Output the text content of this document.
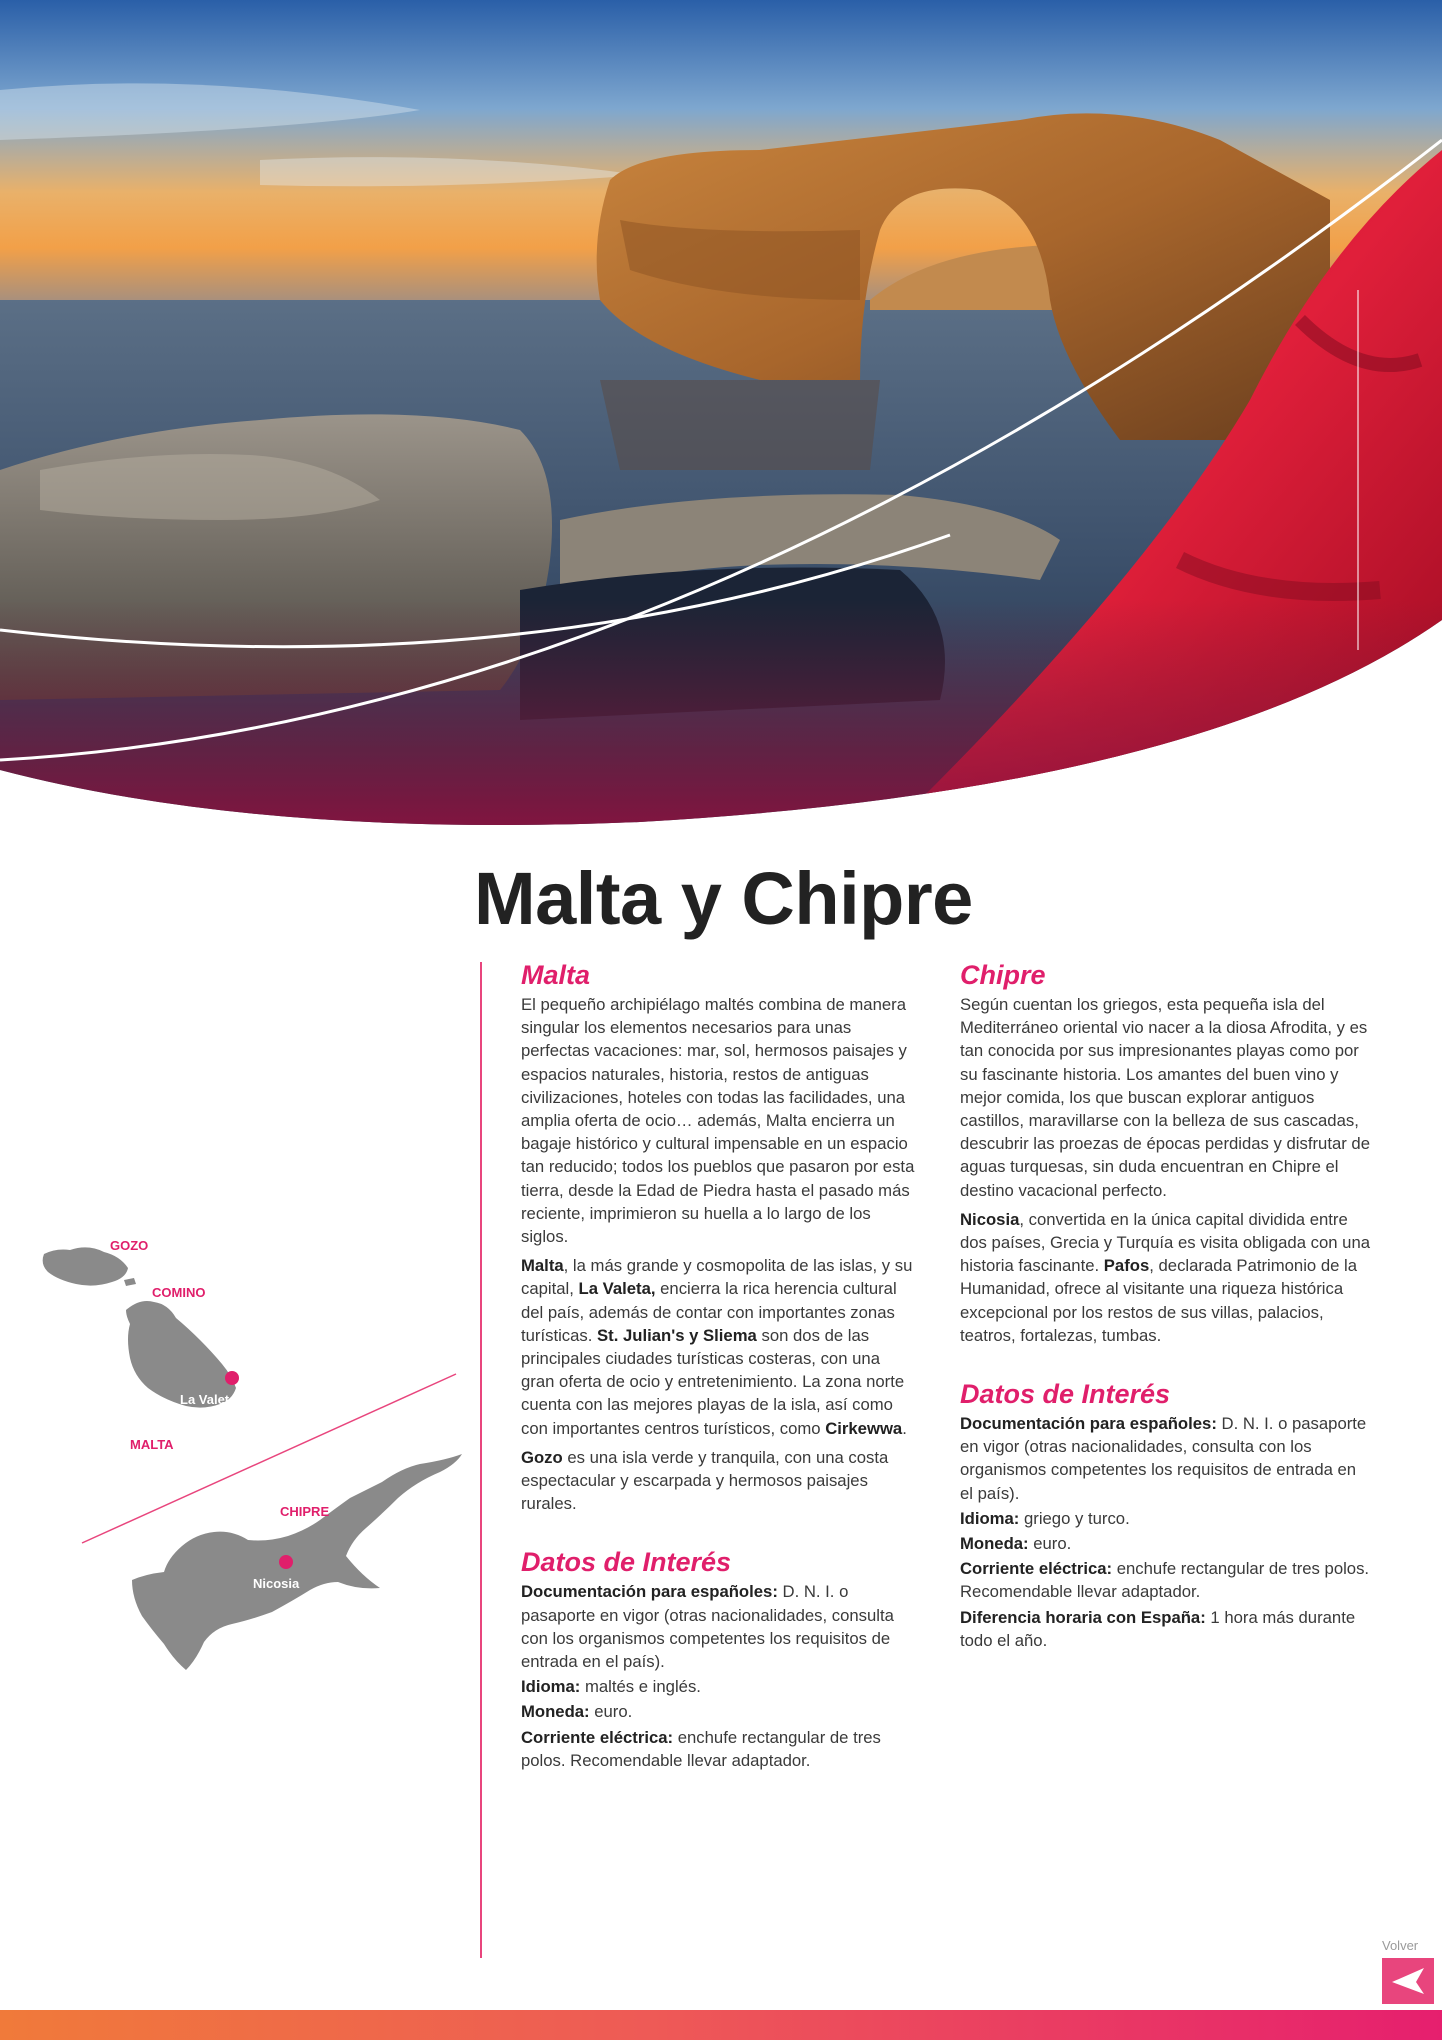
Malta y Chipre
Malta

El pequeño archipiélago maltés combina de manera singular los elementos necesarios para unas perfectas vacaciones: mar, sol, hermosos paisajes y espacios naturales, historia, restos de antiguas civilizaciones, hoteles con todas las facilidades, una amplia oferta de ocio… además, Malta encierra un bagaje histórico y cultural impensable en un espacio tan reducido; todos los pueblos que pasaron por esta tierra, desde la Edad de Piedra hasta el pasado más reciente, imprimieron su huella a lo largo de los siglos.

Malta, la más grande y cosmopolita de las islas, y su capital, La Valeta, encierra la rica herencia cultural del país, además de contar con importantes zonas turísticas. St. Julian's y Sliema son dos de las principales ciudades turísticas costeras, con una gran oferta de ocio y entretenimiento. La zona norte cuenta con las mejores playas de la isla, así como con importantes centros turísticos, como Cirkewwa.

Gozo es una isla verde y tranquila, con una costa espectacular y escarpada y hermosos paisajes rurales.

Datos de Interés

Documentación para españoles: D. N. I. o pasaporte en vigor (otras nacionalidades, consulta con los organismos competentes los requisitos de entrada en el país).

Idioma: maltés e inglés.

Moneda: euro.

Corriente eléctrica: enchufe rectangular de tres polos. Recomendable llevar adaptador.

Chipre

Según cuentan los griegos, esta pequeña isla del Mediterráneo oriental vio nacer a la diosa Afrodita, y es tan conocida por sus impresionantes playas como por su fascinante historia. Los amantes del buen vino y mejor comida, los que buscan explorar antiguos castillos, maravillarse con la belleza de sus cascadas, descubrir las proezas de épocas perdidas y disfrutar de aguas turquesas, sin duda encuentran en Chipre el destino vacacional perfecto.

Nicosia, convertida en la única capital dividida entre dos países, Grecia y Turquía es visita obligada con una historia fascinante. Pafos, declarada Patrimonio de la Humanidad, ofrece al visitante una riqueza histórica excepcional por los restos de sus villas, palacios, teatros, fortalezas, tumbas.

Datos de Interés

Documentación para españoles: D. N. I. o pasaporte en vigor (otras nacionalidades, consulta con los organismos competentes los requisitos de entrada en el país).

Idioma: griego y turco.

Moneda: euro.

Corriente eléctrica: enchufe rectangular de tres polos. Recomendable llevar adaptador.

Diferencia horaria con España: 1 hora más durante todo el año.

GOZO
COMINO
MALTA
CHIPRE
La Valeta
Nicosia
Volver
